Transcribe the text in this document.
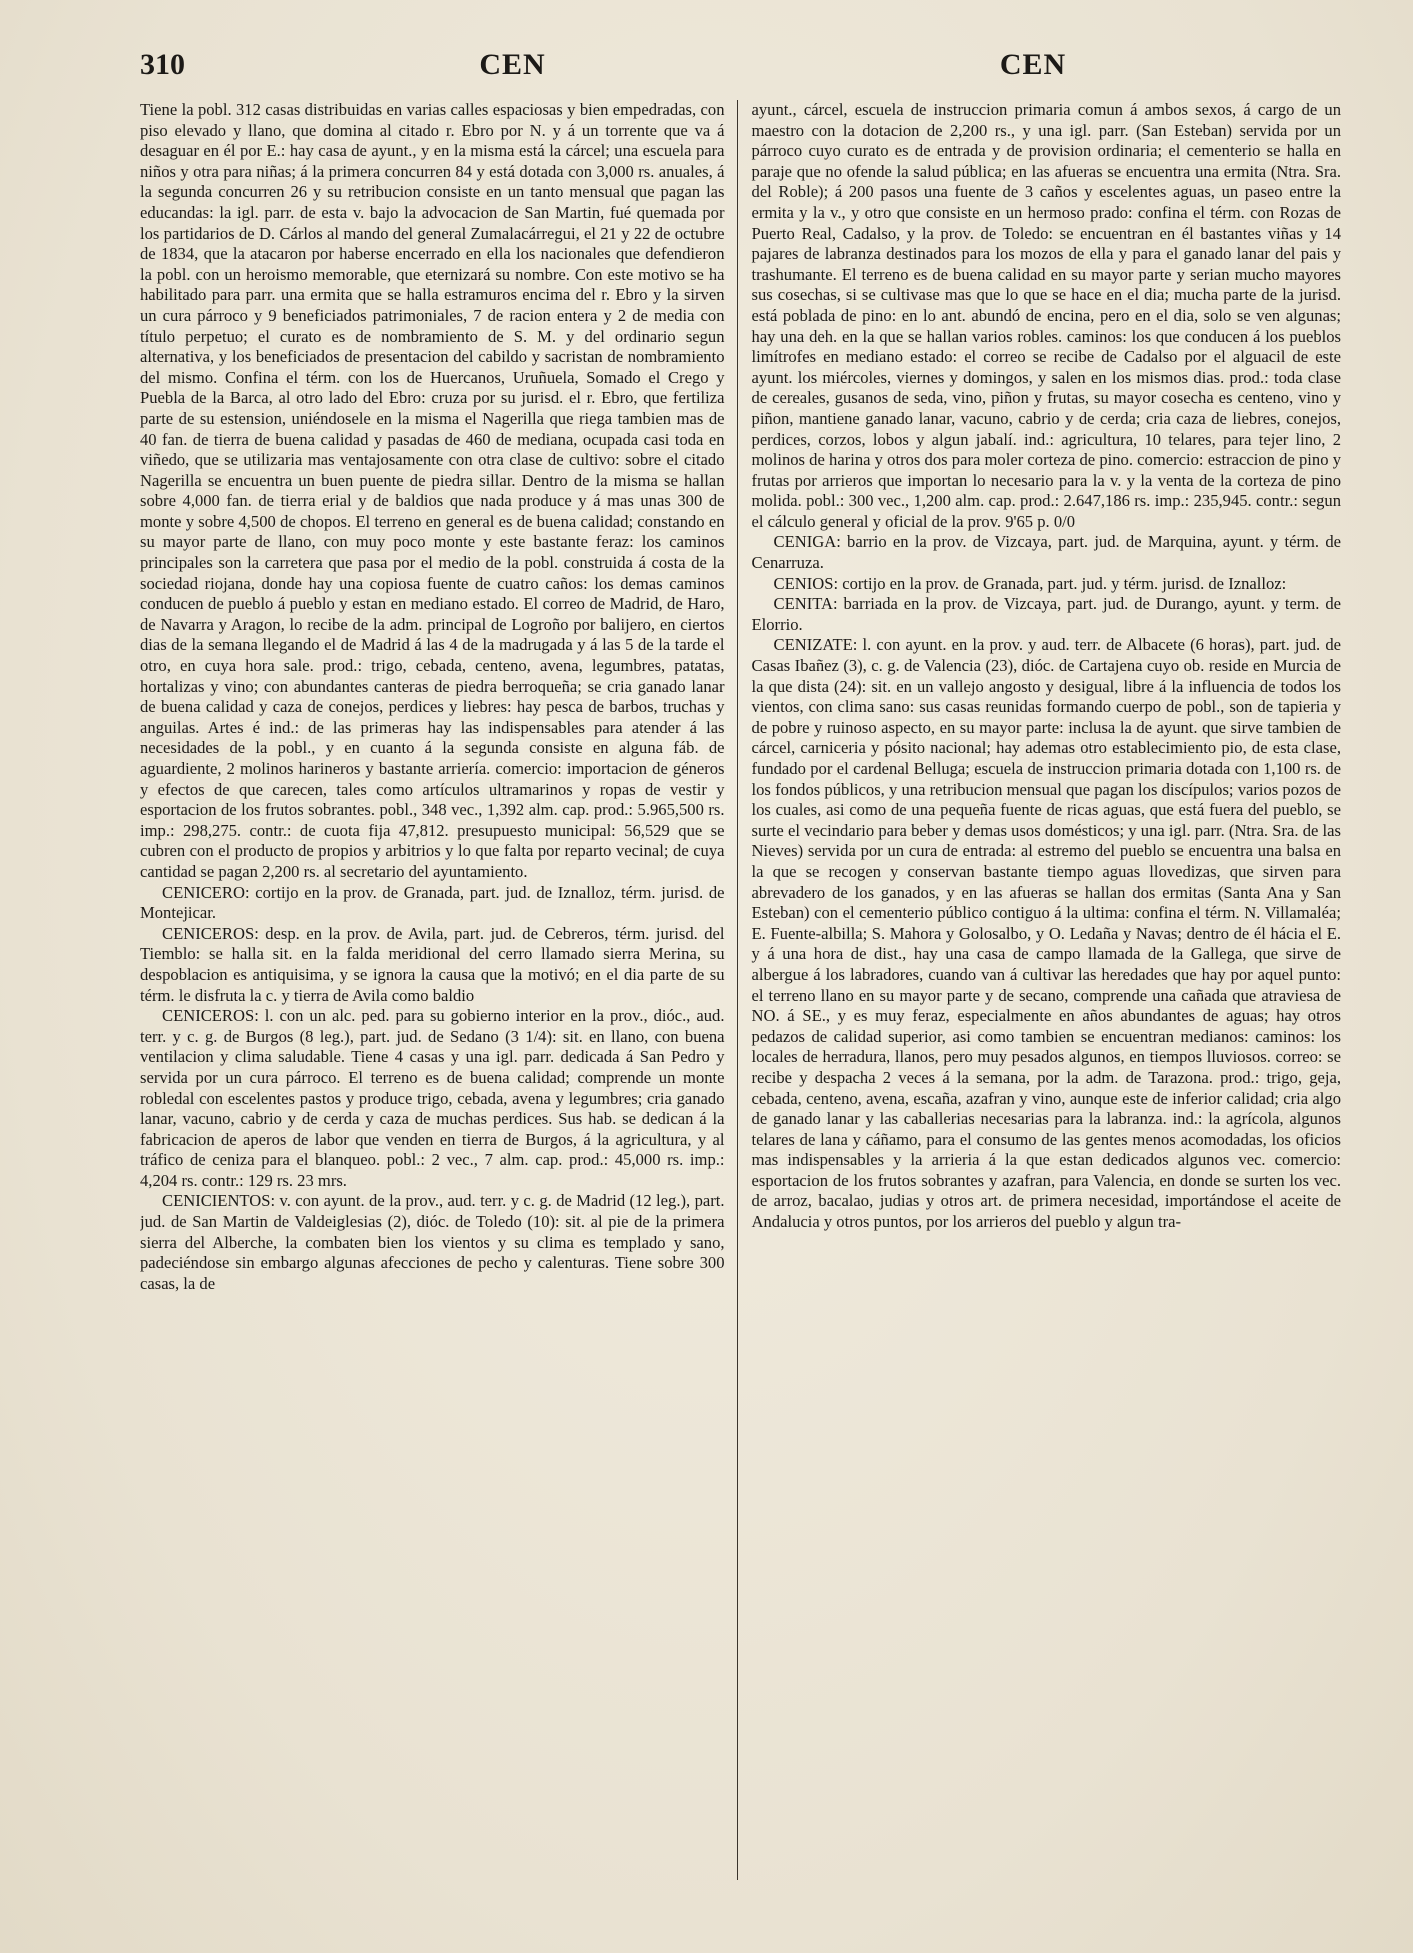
310	CEN	CEN

Tiene la pobl. 312 casas distribuidas en varias calles espaciosas y bien empedradas, con piso elevado y llano, que domina al citado r. Ebro por N. y á un torrente que va á desaguar en él por E.: hay casa de ayunt., y en la misma está la cárcel; una escuela para niños y otra para niñas; á la primera concurren 84 y está dotada con 3,000 rs. anuales, á la segunda concurren 26 y su retribucion consiste en un tanto mensual que pagan las educandas: la igl. parr. de esta v. bajo la advocacion de San Martin, fué quemada por los partidarios de D. Cárlos al mando del general Zumalacárregui, el 21 y 22 de octubre de 1834, que la atacaron por haberse encerrado en ella los nacionales que defendieron la pobl. con un heroismo memorable, que eternizará su nombre. Con este motivo se ha habilitado para parr. una ermita que se halla estramuros encima del r. Ebro y la sirven un cura párroco y 9 beneficiados patrimoniales, 7 de racion entera y 2 de media con título perpetuo; el curato es de nombramiento de S. M. y del ordinario segun alternativa, y los beneficiados de presentacion del cabildo y sacristan de nombramiento del mismo. Confina el térm. con los de Huercanos, Uruñuela, Somado el Crego y Puebla de la Barca, al otro lado del Ebro: cruza por su jurisd. el r. Ebro, que fertiliza parte de su estension, uniéndosele en la misma el Nagerilla que riega tambien mas de 40 fan. de tierra de buena calidad y pasadas de 460 de mediana, ocupada casi toda en viñedo, que se utilizaria mas ventajosamente con otra clase de cultivo: sobre el citado Nagerilla se encuentra un buen puente de piedra sillar. Dentro de la misma se hallan sobre 4,000 fan. de tierra erial y de baldios que nada produce y á mas unas 300 de monte y sobre 4,500 de chopos. El terreno en general es de buena calidad; constando en su mayor parte de llano, con muy poco monte y este bastante feraz: los caminos principales son la carretera que pasa por el medio de la pobl. construida á costa de la sociedad riojana, donde hay una copiosa fuente de cuatro caños: los demas caminos conducen de pueblo á pueblo y estan en mediano estado. El correo de Madrid, de Haro, de Navarra y Aragon, lo recibe de la adm. principal de Logroño por balijero, en ciertos dias de la semana llegando el de Madrid á las 4 de la madrugada y á las 5 de la tarde el otro, en cuya hora sale. prod.: trigo, cebada, centeno, avena, legumbres, patatas, hortalizas y vino; con abundantes canteras de piedra berroqueña; se cria ganado lanar de buena calidad y caza de conejos, perdices y liebres: hay pesca de barbos, truchas y anguilas. Artes é ind.: de las primeras hay las indispensables para atender á las necesidades de la pobl., y en cuanto á la segunda consiste en alguna fáb. de aguardiente, 2 molinos harineros y bastante arriería. comercio: importacion de géneros y efectos de que carecen, tales como artículos ultramarinos y ropas de vestir y esportacion de los frutos sobrantes. pobl., 348 vec., 1,392 alm. cap. prod.: 5.965,500 rs. imp.: 298,275. contr.: de cuota fija 47,812. presupuesto municipal: 56,529 que se cubren con el producto de propios y arbitrios y lo que falta por reparto vecinal; de cuya cantidad se pagan 2,200 rs. al secretario del ayuntamiento.

CENICERO: cortijo en la prov. de Granada, part. jud. de Iznalloz, térm. jurisd. de Montejicar.

CENICEROS: desp. en la prov. de Avila, part. jud. de Cebreros, térm. jurisd. del Tiemblo: se halla sit. en la falda meridional del cerro llamado sierra Merina, su despoblacion es antiquisima, y se ignora la causa que la motivó; en el dia parte de su térm. le disfruta la c. y tierra de Avila como baldio

CENICEROS: l. con un alc. ped. para su gobierno interior en la prov., dióc., aud. terr. y c. g. de Burgos (8 leg.), part. jud. de Sedano (3 1/4): sit. en llano, con buena ventilacion y clima saludable. Tiene 4 casas y una igl. parr. dedicada á San Pedro y servida por un cura párroco. El terreno es de buena calidad; comprende un monte robledal con escelentes pastos y produce trigo, cebada, avena y legumbres; cria ganado lanar, vacuno, cabrio y de cerda y caza de muchas perdices. Sus hab. se dedican á la fabricacion de aperos de labor que venden en tierra de Burgos, á la agricultura, y al tráfico de ceniza para el blanqueo. pobl.: 2 vec., 7 alm. cap. prod.: 45,000 rs. imp.: 4,204 rs. contr.: 129 rs. 23 mrs.

CENICIENTOS: v. con ayunt. de la prov., aud. terr. y c. g. de Madrid (12 leg.), part. jud. de San Martin de Valdeiglesias (2), dióc. de Toledo (10): sit. al pie de la primera sierra del Alberche, la combaten bien los vientos y su clima es templado y sano, padeciéndose sin embargo algunas afecciones de pecho y calenturas. Tiene sobre 300 casas, la de

ayunt., cárcel, escuela de instruccion primaria comun á ambos sexos, á cargo de un maestro con la dotacion de 2,200 rs., y una igl. parr. (San Esteban) servida por un párroco cuyo curato es de entrada y de provision ordinaria; el cementerio se halla en paraje que no ofende la salud pública; en las afueras se encuentra una ermita (Ntra. Sra. del Roble); á 200 pasos una fuente de 3 caños y escelentes aguas, un paseo entre la ermita y la v., y otro que consiste en un hermoso prado: confina el térm. con Rozas de Puerto Real, Cadalso, y la prov. de Toledo: se encuentran en él bastantes viñas y 14 pajares de labranza destinados para los mozos de ella y para el ganado lanar del pais y trashumante. El terreno es de buena calidad en su mayor parte y serian mucho mayores sus cosechas, si se cultivase mas que lo que se hace en el dia; mucha parte de la jurisd. está poblada de pino: en lo ant. abundó de encina, pero en el dia, solo se ven algunas; hay una deh. en la que se hallan varios robles. caminos: los que conducen á los pueblos limítrofes en mediano estado: el correo se recibe de Cadalso por el alguacil de este ayunt. los miércoles, viernes y domingos, y salen en los mismos dias. prod.: toda clase de cereales, gusanos de seda, vino, piñon y frutas, su mayor cosecha es centeno, vino y piñon, mantiene ganado lanar, vacuno, cabrio y de cerda; cria caza de liebres, conejos, perdices, corzos, lobos y algun jabalí. ind.: agricultura, 10 telares, para tejer lino, 2 molinos de harina y otros dos para moler corteza de pino. comercio: estraccion de pino y frutas por arrieros que importan lo necesario para la v. y la venta de la corteza de pino molida. pobl.: 300 vec., 1,200 alm. cap. prod.: 2.647,186 rs. imp.: 235,945. contr.: segun el cálculo general y oficial de la prov. 9'65 p. 0/0

CENIGA: barrio en la prov. de Vizcaya, part. jud. de Marquina, ayunt. y térm. de Cenarruza.

CENIOS: cortijo en la prov. de Granada, part. jud. y térm. jurisd. de Iznalloz:

CENITA: barriada en la prov. de Vizcaya, part. jud. de Durango, ayunt. y term. de Elorrio.

CENIZATE: l. con ayunt. en la prov. y aud. terr. de Albacete (6 horas), part. jud. de Casas Ibañez (3), c. g. de Valencia (23), dióc. de Cartajena cuyo ob. reside en Murcia de la que dista (24): sit. en un vallejo angosto y desigual, libre á la influencia de todos los vientos, con clima sano: sus casas reunidas formando cuerpo de pobl., son de tapieria y de pobre y ruinoso aspecto, en su mayor parte: inclusa la de ayunt. que sirve tambien de cárcel, carniceria y pósito nacional; hay ademas otro establecimiento pio, de esta clase, fundado por el cardenal Belluga; escuela de instruccion primaria dotada con 1,100 rs. de los fondos públicos, y una retribucion mensual que pagan los discípulos; varios pozos de los cuales, asi como de una pequeña fuente de ricas aguas, que está fuera del pueblo, se surte el vecindario para beber y demas usos domésticos; y una igl. parr. (Ntra. Sra. de las Nieves) servida por un cura de entrada: al estremo del pueblo se encuentra una balsa en la que se recogen y conservan bastante tiempo aguas llovedizas, que sirven para abrevadero de los ganados, y en las afueras se hallan dos ermitas (Santa Ana y San Esteban) con el cementerio público contiguo á la ultima: confina el térm. N. Villamaléa; E. Fuente-albilla; S. Mahora y Golosalbo, y O. Ledaña y Navas; dentro de él hácia el E. y á una hora de dist., hay una casa de campo llamada de la Gallega, que sirve de albergue á los labradores, cuando van á cultivar las heredades que hay por aquel punto: el terreno llano en su mayor parte y de secano, comprende una cañada que atraviesa de NO. á SE., y es muy feraz, especialmente en años abundantes de aguas; hay otros pedazos de calidad superior, asi como tambien se encuentran medianos: caminos: los locales de herradura, llanos, pero muy pesados algunos, en tiempos lluviosos. correo: se recibe y despacha 2 veces á la semana, por la adm. de Tarazona. prod.: trigo, geja, cebada, centeno, avena, escaña, azafran y vino, aunque este de inferior calidad; cria algo de ganado lanar y las caballerias necesarias para la labranza. ind.: la agrícola, algunos telares de lana y cáñamo, para el consumo de las gentes menos acomodadas, los oficios mas indispensables y la arrieria á la que estan dedicados algunos vec. comercio: esportacion de los frutos sobrantes y azafran, para Valencia, en donde se surten los vec. de arroz, bacalao, judias y otros art. de primera necesidad, importándose el aceite de Andalucia y otros puntos, por los arrieros del pueblo y algun tra-
